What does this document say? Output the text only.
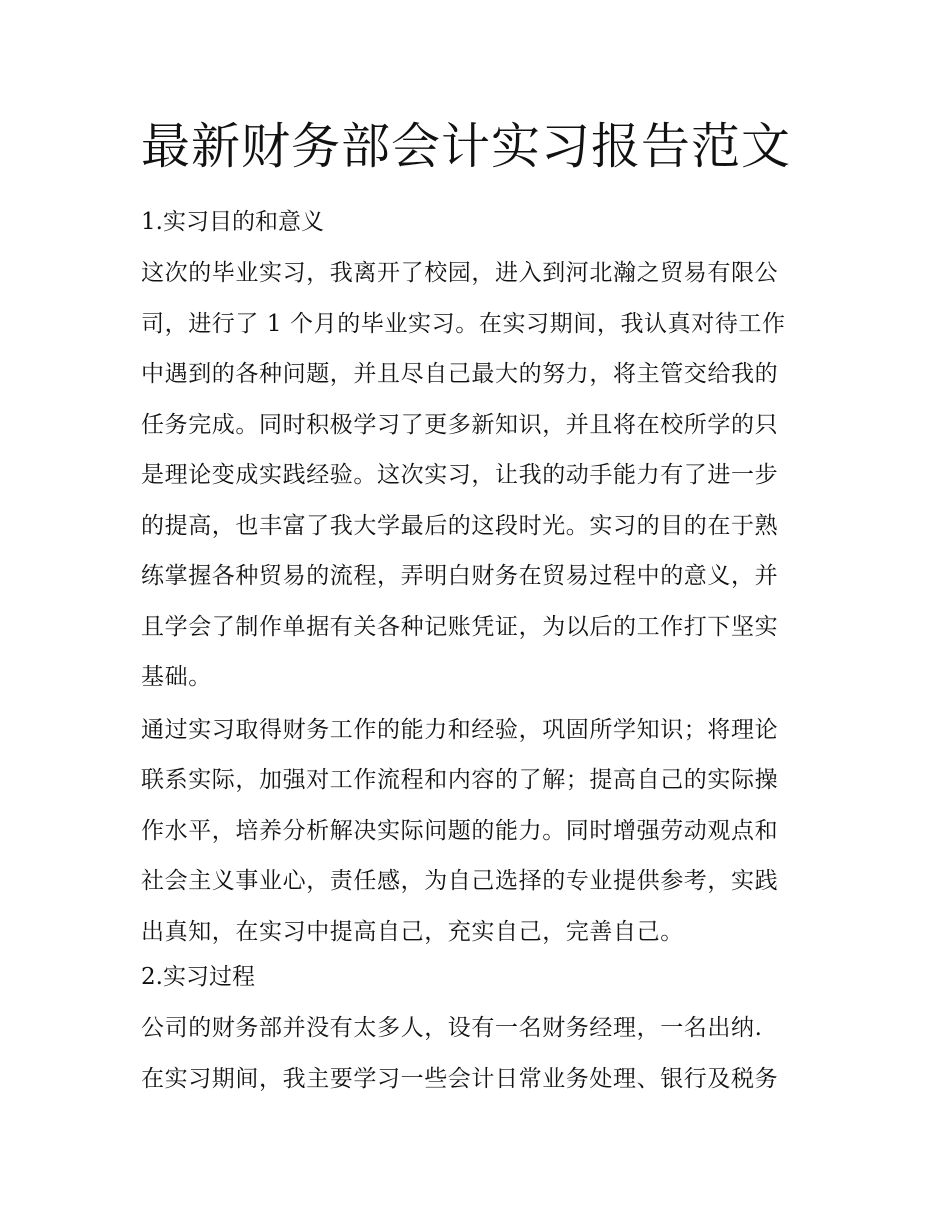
最新财务部会计实习报告范文
1.实习目的和意义
这次的毕业实习，我离开了校园，进入到河北瀚之贸易有限公
司，进行了 1 个月的毕业实习。在实习期间，我认真对待工作
中遇到的各种问题，并且尽自己最大的努力，将主管交给我的
任务完成。同时积极学习了更多新知识，并且将在校所学的只
是理论变成实践经验。这次实习，让我的动手能力有了进一步
的提高，也丰富了我大学最后的这段时光。实习的目的在于熟
练掌握各种贸易的流程，弄明白财务在贸易过程中的意义，并
且学会了制作单据有关各种记账凭证，为以后的工作打下坚实
基础。
通过实习取得财务工作的能力和经验，巩固所学知识；将理论
联系实际，加强对工作流程和内容的了解；提高自己的实际操
作水平，培养分析解决实际问题的能力。同时增强劳动观点和
社会主义事业心，责任感，为自己选择的专业提供参考，实践
出真知，在实习中提高自己，充实自己，完善自己。
2.实习过程
公司的财务部并没有太多人，设有一名财务经理，一名出纳.
在实习期间，我主要学习一些会计日常业务处理、银行及税务
